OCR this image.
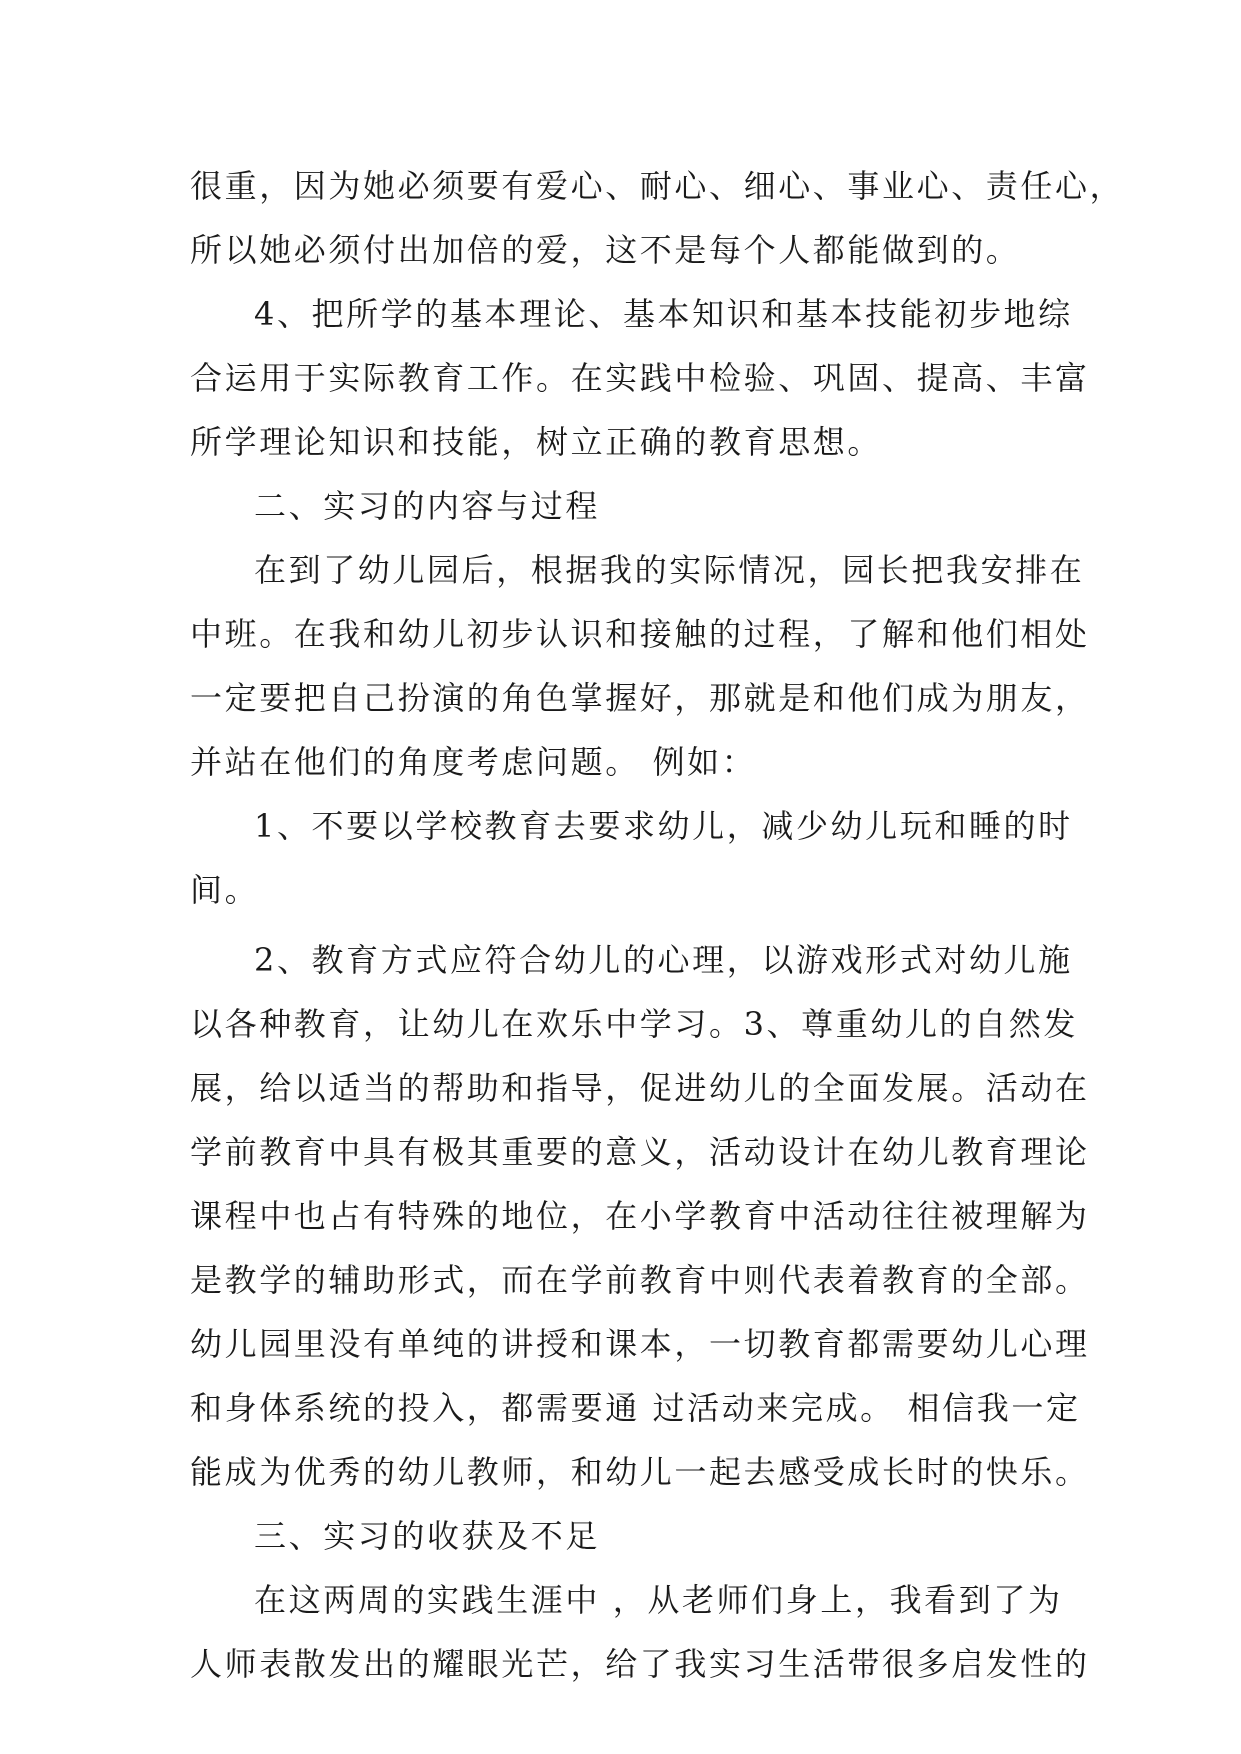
很重，因为她必须要有爱心、耐心、细心、事业心、责任心，
所以她必须付出加倍的爱，这不是每个人都能做到的。
4、把所学的基本理论、基本知识和基本技能初步地综
合运用于实际教育工作。在实践中检验、巩固、提高、丰富
所学理论知识和技能，树立正确的教育思想。
二、实习的内容与过程
在到了幼儿园后，根据我的实际情况，园长把我安排在
中班。在我和幼儿初步认识和接触的过程，了解和他们相处
一定要把自己扮演的角色掌握好，那就是和他们成为朋友，
并站在他们的角度考虑问题。 例如：
1、不要以学校教育去要求幼儿，减少幼儿玩和睡的时
间。
2、教育方式应符合幼儿的心理，以游戏形式对幼儿施
以各种教育，让幼儿在欢乐中学习。3、尊重幼儿的自然发
展，给以适当的帮助和指导，促进幼儿的全面发展。活动在
学前教育中具有极其重要的意义，活动设计在幼儿教育理论
课程中也占有特殊的地位，在小学教育中活动往往被理解为
是教学的辅助形式，而在学前教育中则代表着教育的全部。
幼儿园里没有单纯的讲授和课本，一切教育都需要幼儿心理
和身体系统的投入，都需要通 过活动来完成。 相信我一定
能成为优秀的幼儿教师，和幼儿一起去感受成长时的快乐。
三、实习的收获及不足
在这两周的实践生涯中 ，从老师们身上，我看到了为
人师表散发出的耀眼光芒，给了我实习生活带很多启发性的
